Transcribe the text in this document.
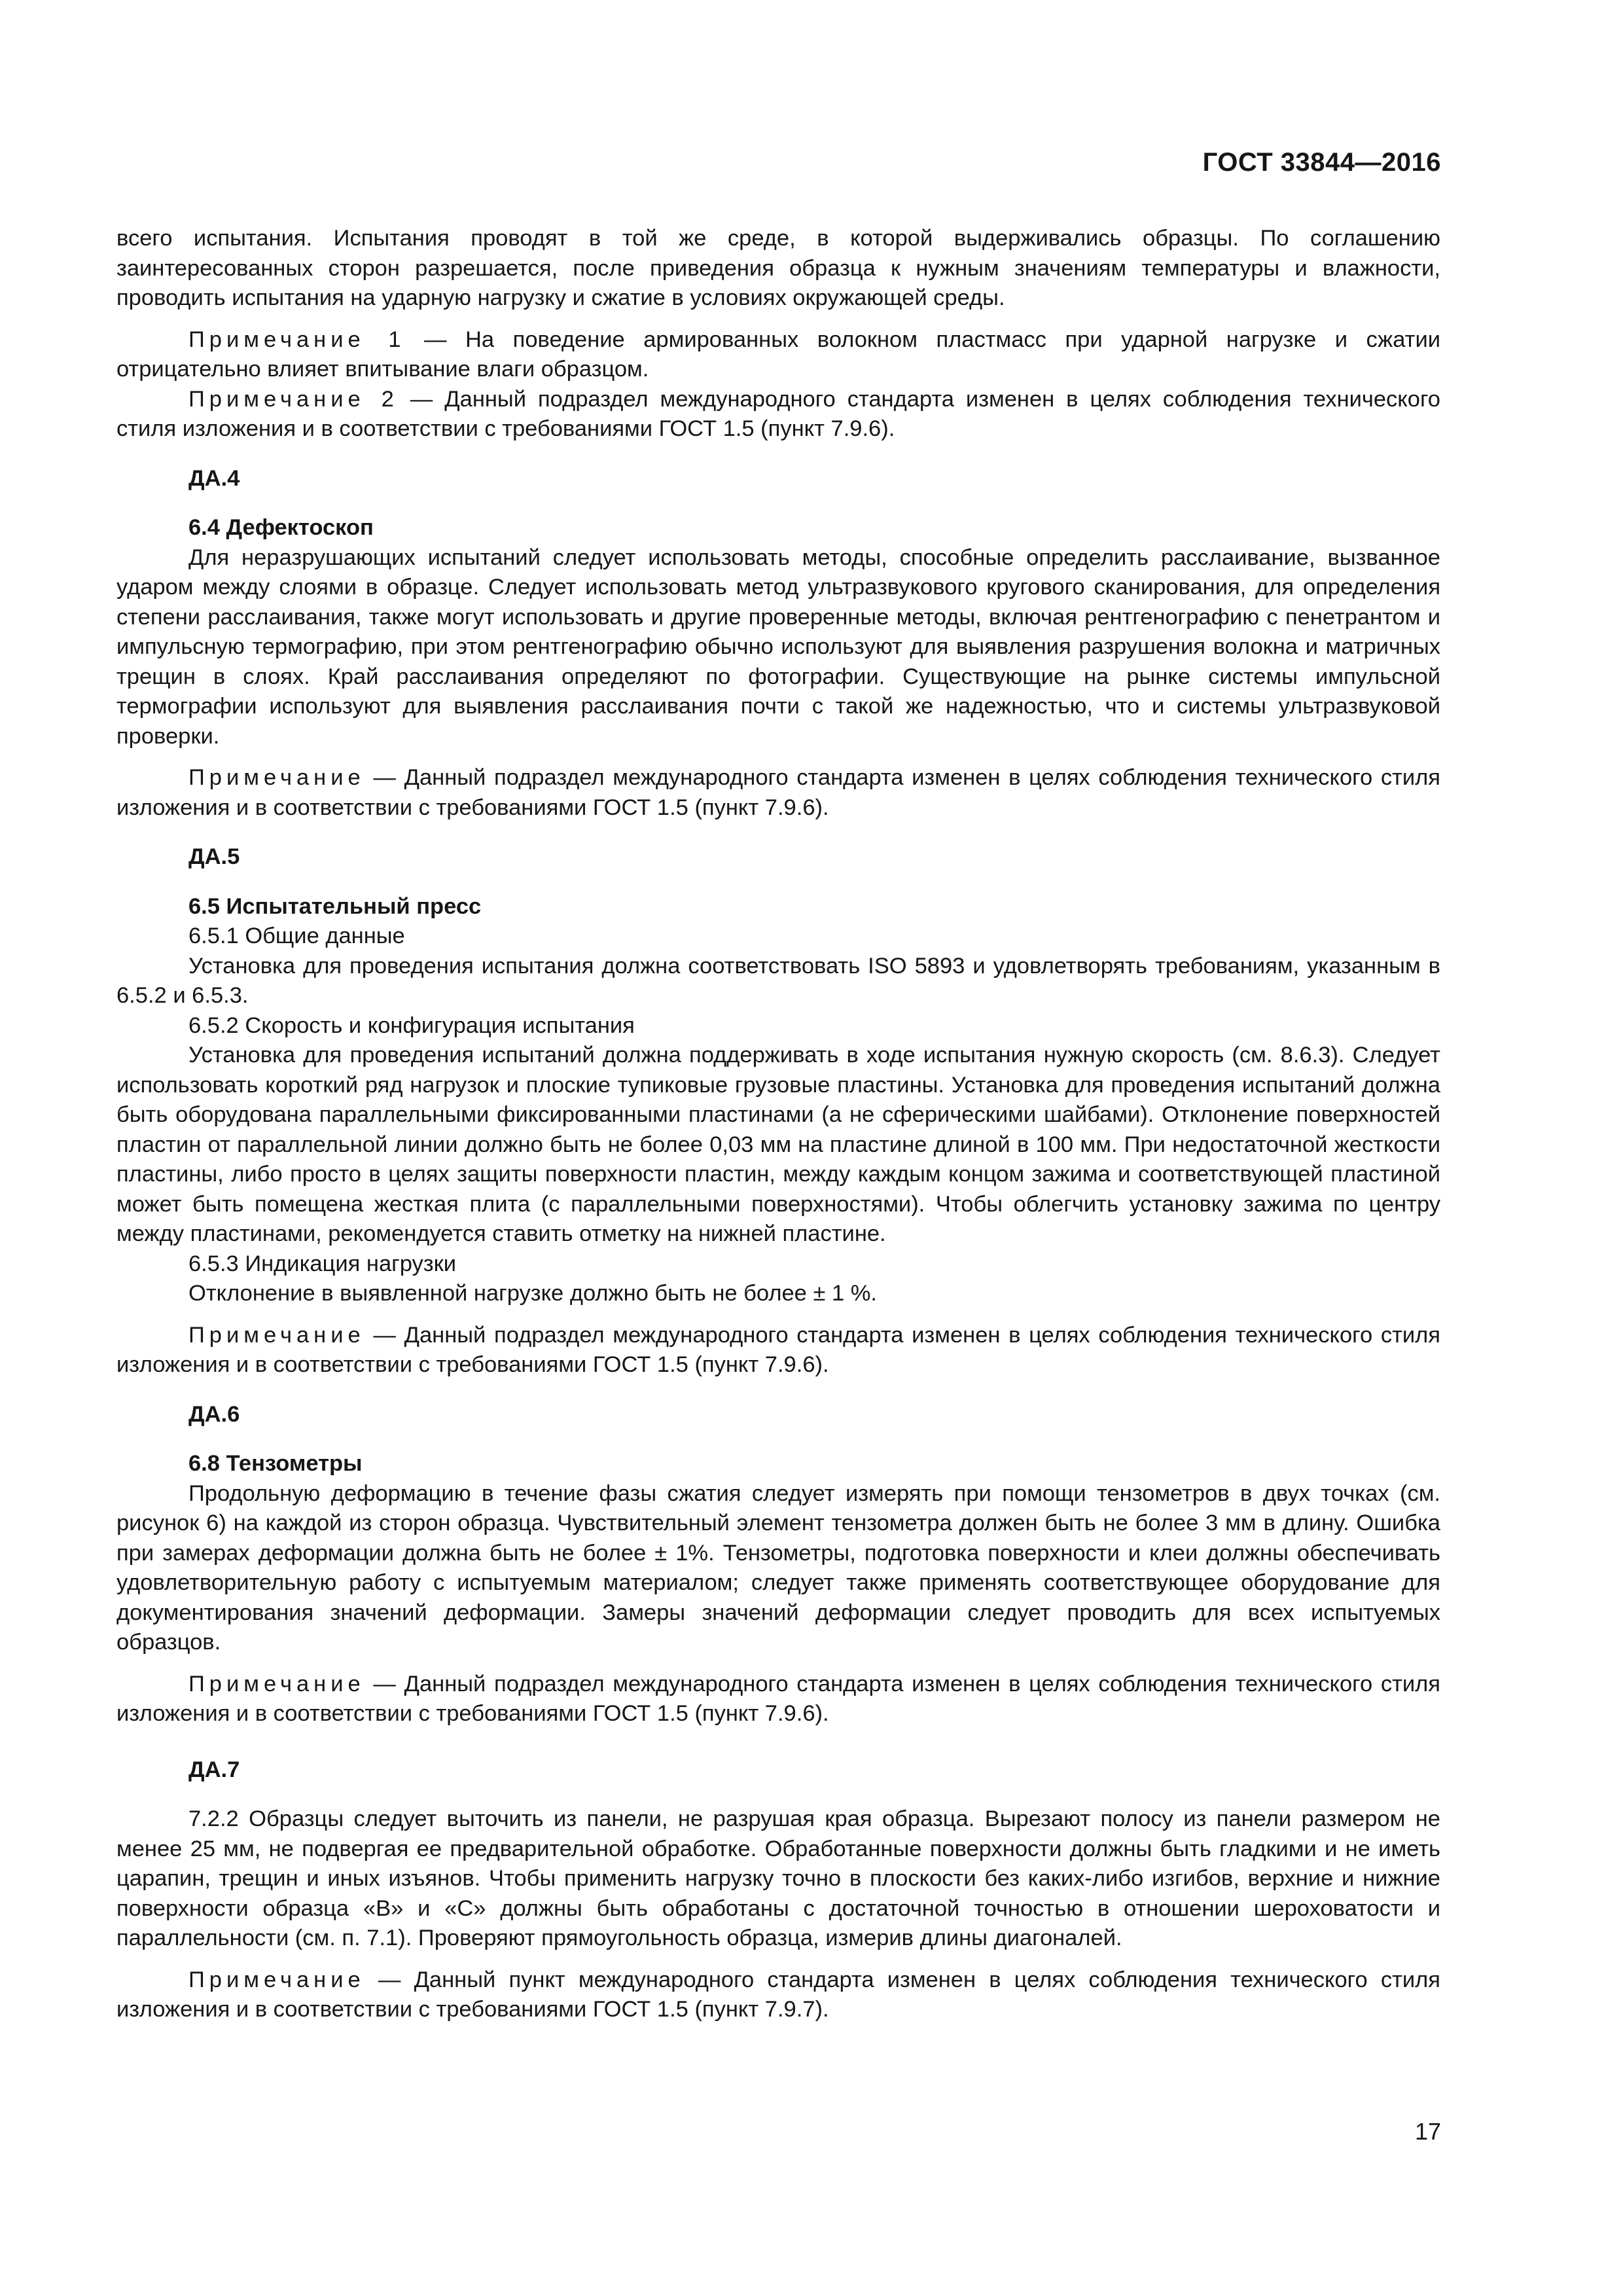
ГОСТ 33844—2016

всего испытания. Испытания проводят в той же среде, в которой выдерживались образцы. По соглашению заинтересованных сторон разрешается, после приведения образца к нужным значениям температуры и влажности, проводить испытания на ударную нагрузку и сжатие в условиях окружающей среды.

Примечание 1 — На поведение армированных волокном пластмасс при ударной нагрузке и сжатии отрицательно влияет впитывание влаги образцом.

Примечание 2 — Данный подраздел международного стандарта изменен в целях соблюдения технического стиля изложения и в соответствии с требованиями ГОСТ 1.5 (пункт 7.9.6).

ДА.4

6.4 Дефектоскоп

Для неразрушающих испытаний следует использовать методы, способные определить расслаивание, вызванное ударом между слоями в образце. Следует использовать метод ультразвукового кругового сканирования, для определения степени расслаивания, также могут использовать и другие проверенные методы, включая рентгенографию с пенетрантом и импульсную термографию, при этом рентгенографию обычно используют для выявления разрушения волокна и матричных трещин в слоях. Край расслаивания определяют по фотографии. Существующие на рынке системы импульсной термографии используют для выявления расслаивания почти с такой же надежностью, что и системы ультразвуковой проверки.

Примечание — Данный подраздел международного стандарта изменен в целях соблюдения технического стиля изложения и в соответствии с требованиями ГОСТ 1.5 (пункт 7.9.6).

ДА.5

6.5 Испытательный пресс

6.5.1 Общие данные

Установка для проведения испытания должна соответствовать ISO 5893 и удовлетворять требованиям, указанным в 6.5.2 и 6.5.3.

6.5.2 Скорость и конфигурация испытания

Установка для проведения испытаний должна поддерживать в ходе испытания нужную скорость (см. 8.6.3). Следует использовать короткий ряд нагрузок и плоские тупиковые грузовые пластины. Установка для проведения испытаний должна быть оборудована параллельными фиксированными пластинами (а не сферическими шайбами). Отклонение поверхностей пластин от параллельной линии должно быть не более 0,03 мм на пластине длиной в 100 мм. При недостаточной жесткости пластины, либо просто в целях защиты поверхности пластин, между каждым концом зажима и соответствующей пластиной может быть помещена жесткая плита (с параллельными поверхностями). Чтобы облегчить установку зажима по центру между пластинами, рекомендуется ставить отметку на нижней пластине.

6.5.3 Индикация нагрузки

Отклонение в выявленной нагрузке должно быть не более ± 1 %.

Примечание — Данный подраздел международного стандарта изменен в целях соблюдения технического стиля изложения и в соответствии с требованиями ГОСТ 1.5 (пункт 7.9.6).

ДА.6

6.8 Тензометры

Продольную деформацию в течение фазы сжатия следует измерять при помощи тензометров в двух точках (см. рисунок 6) на каждой из сторон образца. Чувствительный элемент тензометра должен быть не более 3 мм в длину. Ошибка при замерах деформации должна быть не более ± 1%. Тензометры, подготовка поверхности и клеи должны обеспечивать удовлетворительную работу с испытуемым материалом; следует также применять соответствующее оборудование для документирования значений деформации. Замеры значений деформации следует проводить для всех испытуемых образцов.

Примечание — Данный подраздел международного стандарта изменен в целях соблюдения технического стиля изложения и в соответствии с требованиями ГОСТ 1.5 (пункт 7.9.6).

ДА.7

7.2.2 Образцы следует выточить из панели, не разрушая края образца. Вырезают полосу из панели размером не менее 25 мм, не подвергая ее предварительной обработке. Обработанные поверхности должны быть гладкими и не иметь царапин, трещин и иных изъянов. Чтобы применить нагрузку точно в плоскости без каких-либо изгибов, верхние и нижние поверхности образца «В» и «С» должны быть обработаны с достаточной точностью в отношении шероховатости и параллельности (см. п. 7.1). Проверяют прямоугольность образца, измерив длины диагоналей.

Примечание — Данный пункт международного стандарта изменен в целях соблюдения технического стиля изложения и в соответствии с требованиями ГОСТ 1.5 (пункт 7.9.7).

17
